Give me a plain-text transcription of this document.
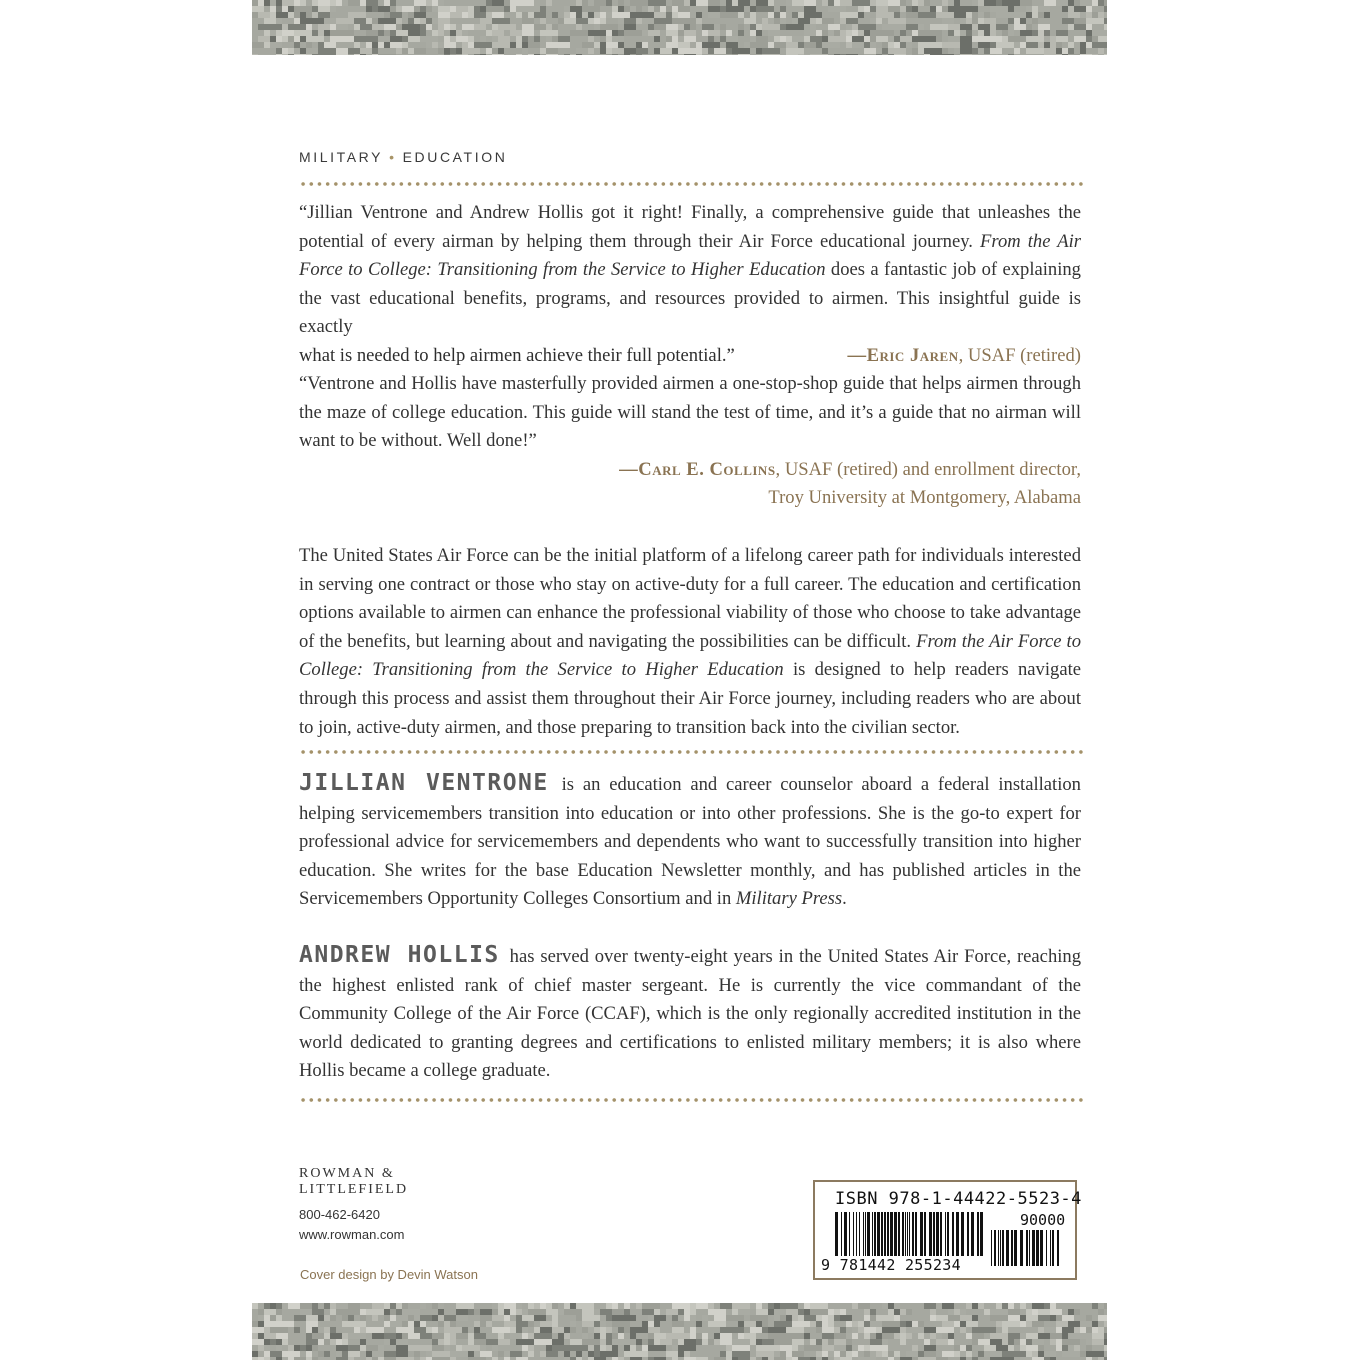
MILITARY • EDUCATION

“Jillian Ventrone and Andrew Hollis got it right! Finally, a comprehensive guide that unleashes the potential of every airman by helping them through their Air Force educational journey. From the Air Force to College: Transitioning from the Service to Higher Education does a fantastic job of explaining the vast educational benefits, programs, and resources provided to airmen. This insightful guide is exactly

what is needed to help airmen achieve their full potential.”	—Eric Jaren, USAF (retired)

“Ventrone and Hollis have masterfully provided airmen a one-stop-shop guide that helps airmen through the maze of college education. This guide will stand the test of time, and it’s a guide that no airman will want to be without. Well done!”

—Carl E. Collins, USAF (retired) and enrollment director,

Troy University at Montgomery, Alabama

The United States Air Force can be the initial platform of a lifelong career path for individuals interested in serving one contract or those who stay on active-duty for a full career. The education and certification options available to airmen can enhance the professional viability of those who choose to take advantage of the benefits, but learning about and navigating the possibilities can be difficult. From the Air Force to College: Transitioning from the Service to Higher Education is designed to help readers navigate through this process and assist them throughout their Air Force journey, including readers who are about to join, active-duty airmen, and those preparing to transition back into the civilian sector.

JILLIAN VENTRONE is an education and career counselor aboard a federal installation helping servicemembers transition into education or into other professions. She is the go-to expert for professional advice for servicemembers and dependents who want to successfully transition into higher education. She writes for the base Education Newsletter monthly, and has published articles in the Servicemembers Opportunity Colleges Consortium and in Military Press.

ANDREW HOLLIS has served over twenty-eight years in the United States Air Force, reaching the highest enlisted rank of chief master sergeant. He is currently the vice commandant of the Community College of the Air Force (CCAF), which is the only regionally accredited institution in the world dedicated to granting degrees and certifications to enlisted military members; it is also where Hollis became a college graduate.

ROWMAN &
LITTLEFIELD
800-462-6420
www.rowman.com
Cover design by Devin Watson
ISBN 978-1-44422-5523-4
90000
9 781442 255234
